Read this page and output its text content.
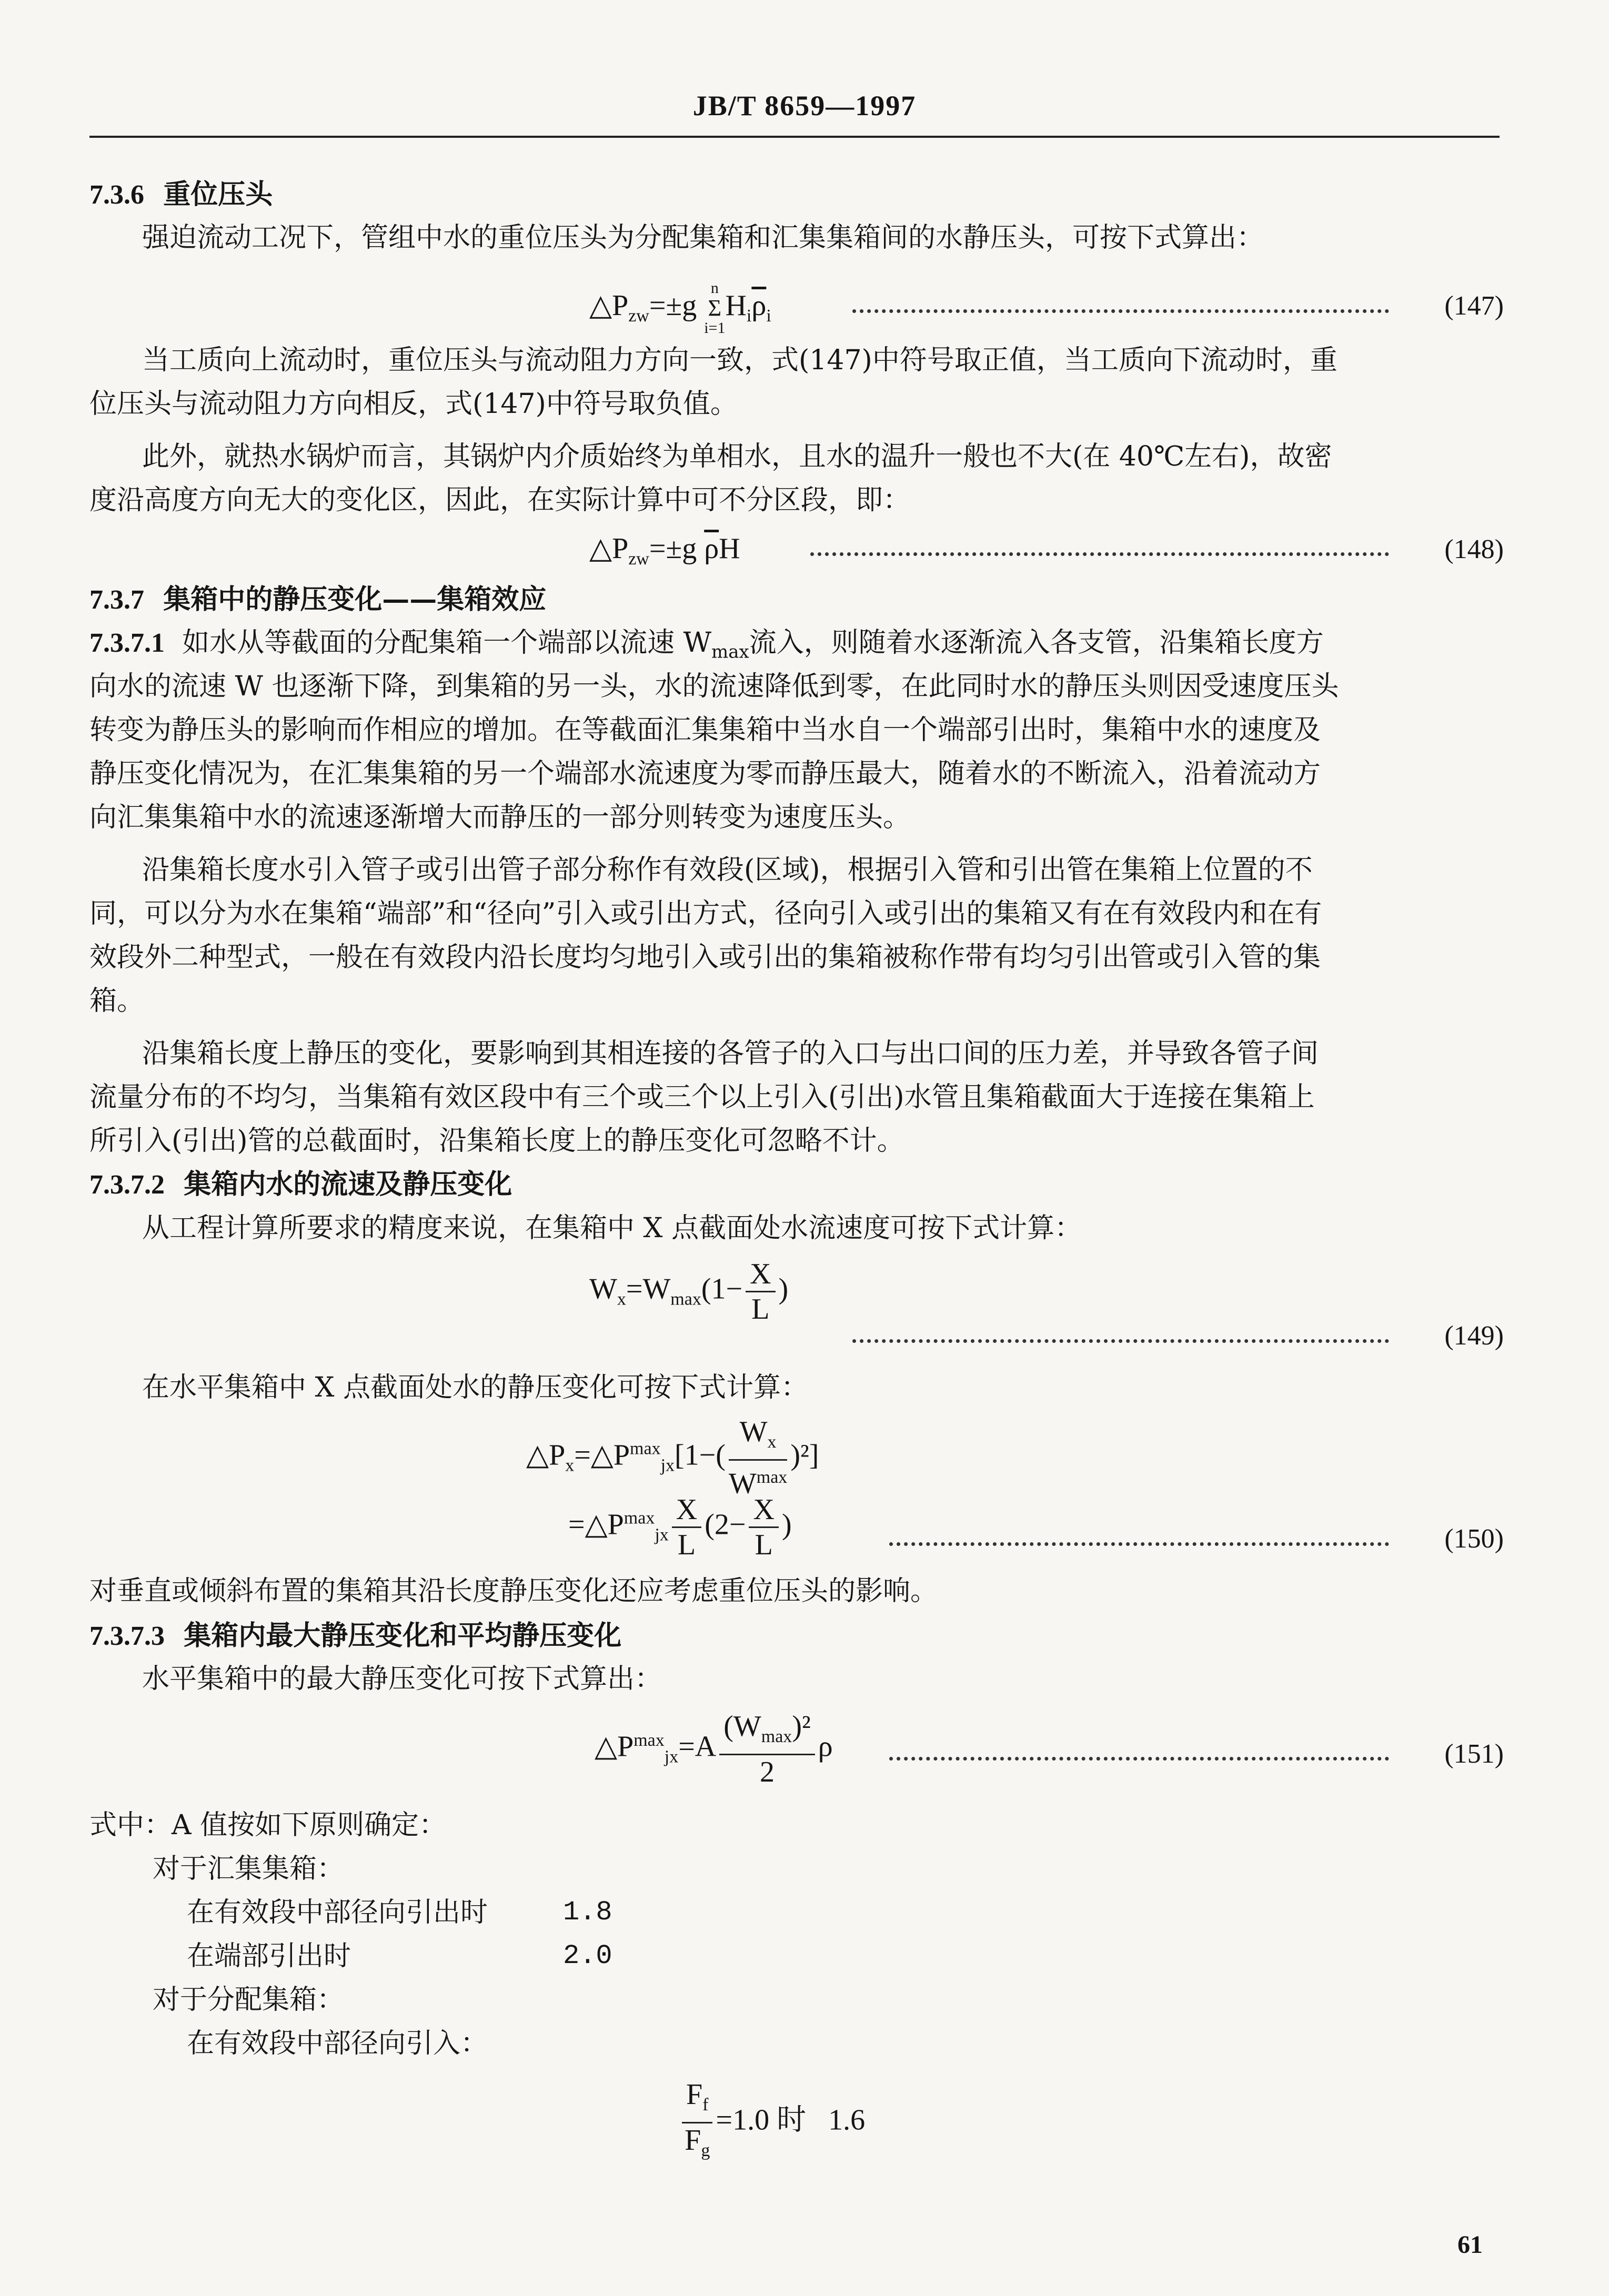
JB/T 8659—1997
7.3.6 重位压头
强迫流动工况下，管组中水的重位压头为分配集箱和汇集集箱间的水静压头，可按下式算出：
$\triangle P_{zw}=\pm g$
n
Σ
i=1
$H_i\overline{\rho}_i$	(147)
当工质向上流动时，重位压头与流动阻力方向一致，式(147)中符号取正值，当工质向下流动时，重
位压头与流动阻力方向相反，式(147)中符号取负值。
此外，就热水锅炉而言，其锅炉内介质始终为单相水，且水的温升一般也不大(在 40℃左右)，故密
度沿高度方向无大的变化区，因此，在实际计算中可不分区段，即：
$\triangle P_{zw}=\pm g$ $\overline{\rho}H$	(148)
7.3.7 集箱中的静压变化——集箱效应
7.3.7.1 如水从等截面的分配集箱一个端部以流速 $W_{max}$流入，则随着水逐渐流入各支管，沿集箱长度方
向水的流速 W 也逐渐下降，到集箱的另一头，水的流速降低到零，在此同时水的静压头则因受速度压头
转变为静压头的影响而作相应的增加。在等截面汇集集箱中当水自一个端部引出时，集箱中水的速度及
静压变化情况为，在汇集集箱的另一个端部水流速度为零而静压最大，随着水的不断流入，沿着流动方
向汇集集箱中水的流速逐渐增大而静压的一部分则转变为速度压头。
沿集箱长度水引入管子或引出管子部分称作有效段(区域)，根据引入管和引出管在集箱上位置的不
同，可以分为水在集箱“端部”和“径向”引入或引出方式，径向引入或引出的集箱又有在有效段内和在有
效段外二种型式，一般在有效段内沿长度均匀地引入或引出的集箱被称作带有均匀引出管或引入管的集
箱。
沿集箱长度上静压的变化，要影响到其相连接的各管子的入口与出口间的压力差，并导致各管子间
流量分布的不均匀，当集箱有效区段中有三个或三个以上引入(引出)水管且集箱截面大于连接在集箱上
所引入(引出)管的总截面时，沿集箱长度上的静压变化可忽略不计。
7.3.7.2 集箱内水的流速及静压变化
从工程计算所要求的精度来说，在集箱中 X 点截面处水流速度可按下式计算：
$W_x=W_{max}(1- \frac{X}{L}$ )
(149)
在水平集箱中 X 点截面处水的静压变化可按下式计算：
$\triangle P_x=\triangle P^{max}_{jx}[1-( \frac{W_x}{W^{max}} )^2]$
$=\triangle P^{max}_{jx} \frac{X}{L} (2- \frac{X}{L}$ )	(150)
对垂直或倾斜布置的集箱其沿长度静压变化还应考虑重位压头的影响。
7.3.7.3 集箱内最大静压变化和平均静压变化
水平集箱中的最大静压变化可按下式算出：
$\triangle P^{max}_{jx}=A \frac{(W_{max})^2}{2}$ ρ	(151)
式中：A 值按如下原则确定：
对于汇集集箱：
在有效段中部径向引出时	1.8
在端部引出时	2.0
对于分配集箱：
在有效段中部径向引入：
$\frac{F_f}{F_g} =1.0$ 时 1.6
61
